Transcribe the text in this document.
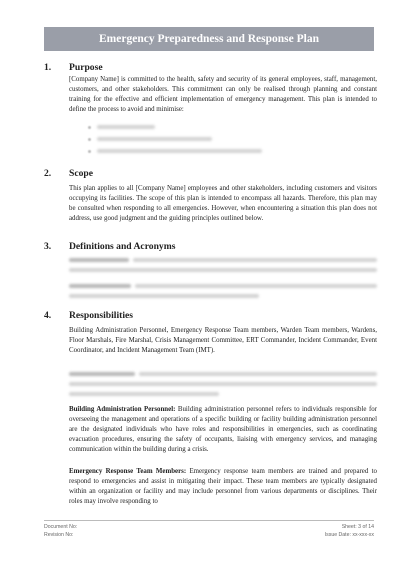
Emergency Preparedness and Response Plan
1. Purpose
[Company Name] is committed to the health, safety and security of its general employees, staff, management, customers, and other stakeholders. This commitment can only be realised through planning and constant training for the effective and efficient implementation of emergency management. This plan is intended to define the process to avoid and minimise:
2. Scope
This plan applies to all [Company Name] employees and other stakeholders, including customers and visitors occupying its facilities. The scope of this plan is intended to encompass all hazards. Therefore, this plan may be consulted when responding to all emergencies. However, when encountering a situation this plan does not address, use good judgment and the guiding principles outlined below.
3. Definitions and Acronyms
4. Responsibilities
Building Administration Personnel, Emergency Response Team members, Warden Team members, Wardens, Floor Marshals, Fire Marshal, Crisis Management Committee, ERT Commander, Incident Commander, Event Coordinator, and Incident Management Team (IMT).
Building Administration Personnel: Building administration personnel refers to individuals responsible for overseeing the management and operations of a specific building or facility building administration personnel are the designated individuals who have roles and responsibilities in emergencies, such as coordinating evacuation procedures, ensuring the safety of occupants, liaising with emergency services, and managing communication within the building during a crisis.
Emergency Response Team Members: Emergency response team members are trained and prepared to respond to emergencies and assist in mitigating their impact. These team members are typically designated within an organization or facility and may include personnel from various departments or disciplines. Their roles may involve responding to
Document No:
Revision No:
Sheet: 3 of 14
Issue Date: xx-xxx-xx
